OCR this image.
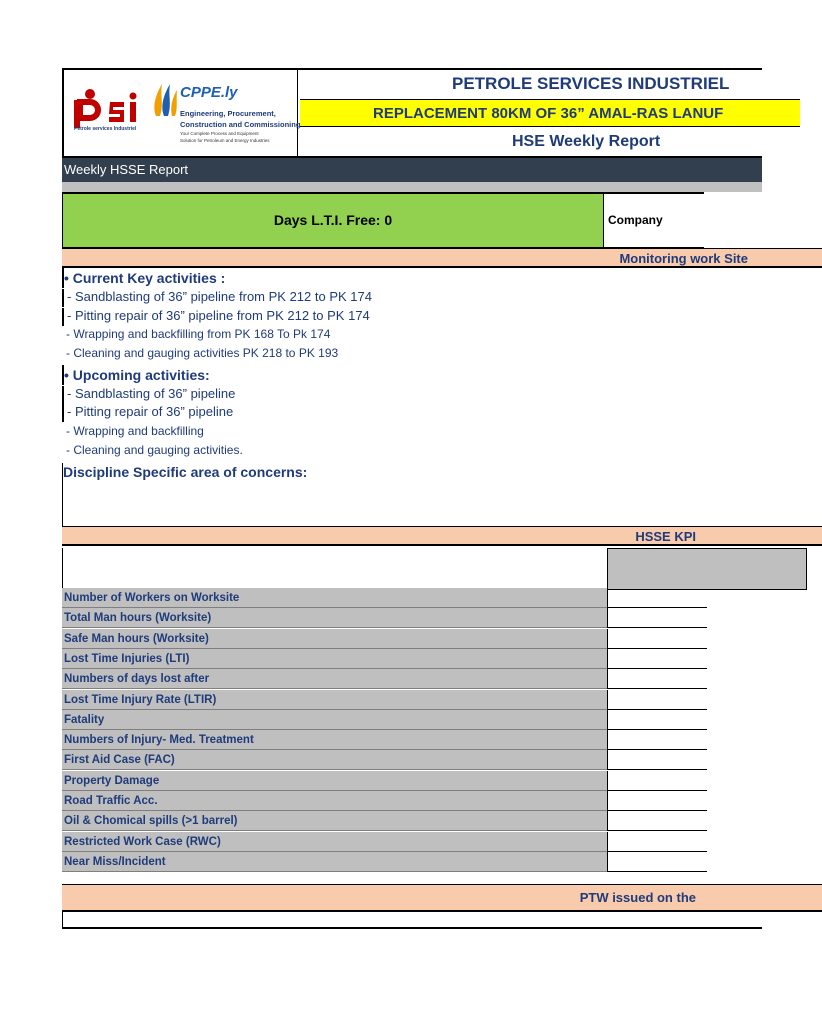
Petrole services Industriel
CPPE.ly
Engineering, Procurement,
Construction and Commissioning
Your Complete Process and Equipment
Solution for Petroleum and Energy Industries
PETROLE SERVICES INDUSTRIEL
REPLACEMENT 80KM OF 36” AMAL-RAS LANUF
HSE Weekly Report
Weekly HSSE Report
Days L.T.I. Free: 0	Company
Monitoring work Site
• Current Key activities :
- Sandblasting of 36” pipeline from PK 212 to PK 174
- Pitting repair of 36” pipeline from PK 212 to PK 174
- Wrapping and backfilling from PK 168 To Pk 174
- Cleaning and gauging activities PK 218 to PK 193
• Upcoming activities:
- Sandblasting of 36” pipeline
- Pitting repair of 36” pipeline
- Wrapping and backfilling
- Cleaning and gauging activities.
Discipline Specific area of concerns:
HSSE KPI
Number of Workers on Worksite
Total Man hours (Worksite)
Safe Man hours (Worksite)
Lost Time Injuries (LTI)
Numbers of days lost after
Lost Time Injury Rate (LTIR)
Fatality
Numbers of Injury- Med. Treatment
First Aid Case (FAC)
Property Damage
Road Traffic Acc.
Oil & Chomical spills (>1 barrel)
Restricted Work Case (RWC)
Near Miss/Incident
PTW issued on the
